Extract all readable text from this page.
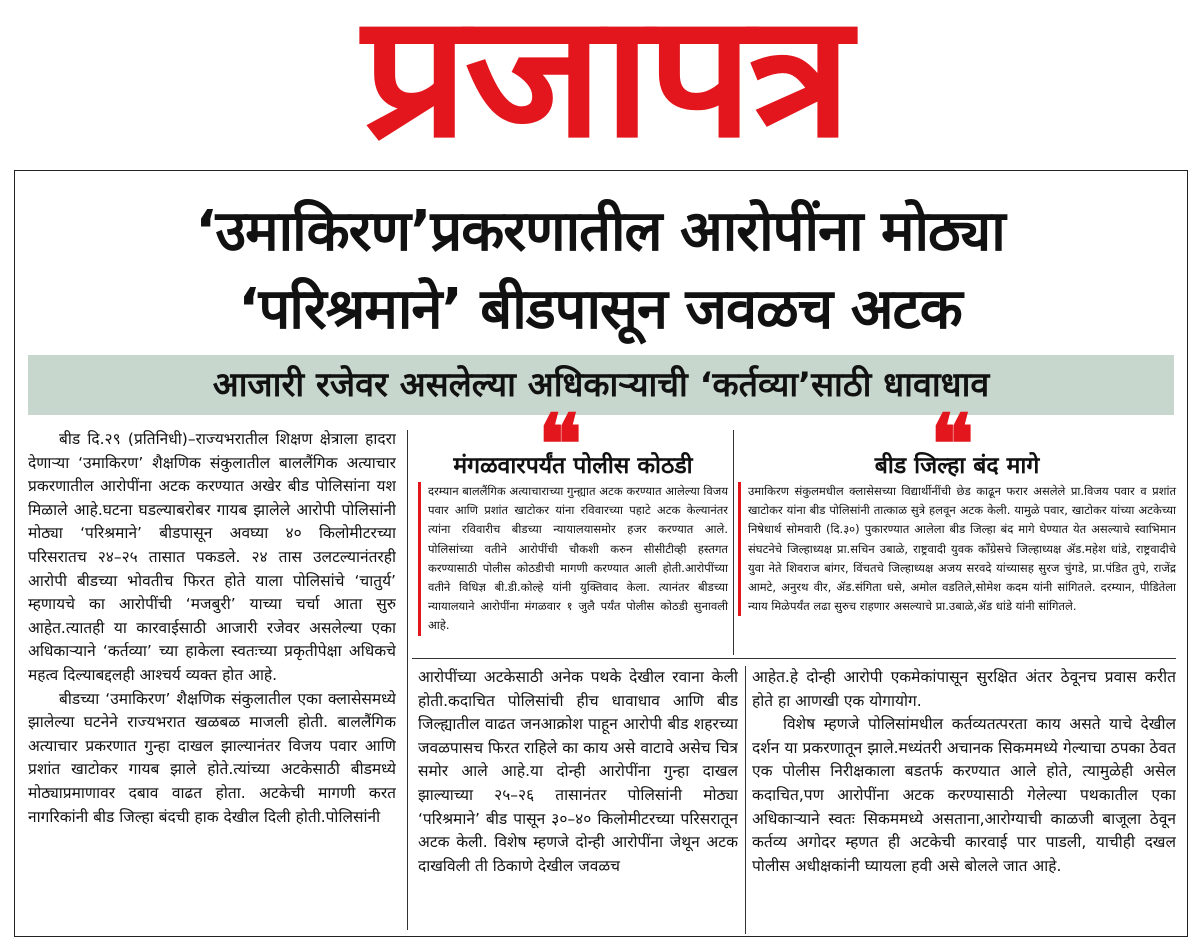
प्रजापत्र
‘उमाकिरण’प्रकरणातील आरोपींना मोठ्या
‘परिश्रमाने’ बीडपासून जवळच अटक
आजारी रजेवर असलेल्या अधिकाऱ्याची ‘कर्तव्या’साठी धावाधाव

बीड दि.२९ (प्रतिनिधी)–राज्यभरातील शिक्षण क्षेत्राला हादरा देणाऱ्या ‘उमाकिरण’ शैक्षणिक संकुलातील बाललैंगिक अत्याचार प्रकरणातील आरोपींना अटक करण्यात अखेर बीड पोलिसांना यश मिळाले आहे.घटना घडल्याबरोबर गायब झालेले आरोपी पोलिसांनी मोठ्या ‘परिश्रमाने’ बीडपासून अवघ्या ४० किलोमीटरच्या परिसरातच २४–२५ तासात पकडले. २४ तास उलटल्यानंतरही आरोपी बीडच्या भोवतीच फिरत होते याला पोलिसांचे ‘चातुर्य’ म्हणायचे का आरोपींची ‘मजबुरी’ याच्या चर्चा आता सुरु आहेत.त्यातही या कारवाईसाठी आजारी रजेवर असलेल्या एका अधिकाऱ्याने ‘कर्तव्या’ च्या हाकेला स्वतःच्या प्रकृतीपेक्षा अधिकचे महत्व दिल्याबद्दलही आश्चर्य व्यक्त होत आहे.

बीडच्या ‘उमाकिरण’ शैक्षणिक संकुलातील एका क्लासेसमध्ये झालेल्या घटनेने राज्यभरात खळबळ माजली होती. बाललैंगिक अत्याचार प्रकरणात गुन्हा दाखल झाल्यानंतर विजय पवार आणि प्रशांत खाटोकर गायब झाले होते.त्यांच्या अटकेसाठी बीडमध्ये मोठ्याप्रमाणावर दबाव वाढत होता. अटकेची मागणी करत नागरिकांनी बीड जिल्हा बंदची हाक देखील दिली होती.पोलिसांनी

❝
मंगळवारपर्यंत पोलीस कोठडी
दरम्यान बाललैंगिक अत्याचाराच्या गुन्ह्यात अटक करण्यात आलेल्या विजय पवार आणि प्रशांत खाटोकर यांना रविवारच्या पहाटे अटक केल्यानंतर त्यांना रविवारीच बीडच्या न्यायालयासमोर हजर करण्यात आले. पोलिसांच्या वतीने आरोपींची चौकशी करुन सीसीटीव्ही हस्तगत करण्यासाठी पोलीस कोठडीची मागणी करण्यात आली होती.आरोपींच्या वतीने विधिज्ञ बी.डी.कोल्हे यांनी युक्तिवाद केला. त्यानंतर बीडच्या न्यायालयाने आरोपींना मंगळवार १ जुलै पर्यंत पोलीस कोठडी सुनावली आहे.
❝
बीड जिल्हा बंद मागे
उमाकिरण संकुलमधील क्लासेसच्या विद्यार्थीनींची छेड काढून फरार असलेले प्रा.विजय पवार व प्रशांत खाटोकर यांना बीड पोलिसांनी तात्काळ सुत्रे हलवून अटक केली. यामुळे पवार, खाटोकर यांच्या अटकेच्या निषेधार्थ सोमवारी (दि.३०) पुकारण्यात आलेला बीड जिल्हा बंद मागे घेण्यात येत असल्याचे स्वाभिमान संघटनेचे जिल्हाध्यक्ष प्रा.सचिन उबाळे, राष्ट्रवादी युवक काँग्रेसचे जिल्हाध्यक्ष ॲड.महेश धांडे, राष्ट्रवादीचे युवा नेते शिवराज बांगर, विंचतचे जिल्हाध्यक्ष अजय सरवदे यांच्यासह सुरज चुंगडे, प्रा.पंडित तुपे, राजेंद्र आमटे, अनुरथ वीर, ॲड.संगिता धसे, अमोल वडतिले,सोमेश कदम यांनी सांगितले. दरम्यान, पीडितेला न्याय मिळेपर्यंत लढा सुरुच राहणार असल्याचे प्रा.उबाळे,ॲड धांडे यांनी सांगितले.

आरोपींच्या अटकेसाठी अनेक पथके देखील रवाना केली होती.कदाचित पोलिसांची हीच धावाधाव आणि बीड जिल्ह्यातील वाढत जनआक्रोश पाहून आरोपी बीड शहरच्या जवळपासच फिरत राहिले का काय असे वाटावे असेच चित्र समोर आले आहे.या दोन्ही आरोपींना गुन्हा दाखल झाल्याच्या २५–२६ तासानंतर पोलिसांनी मोठ्या ‘परिश्रमाने’ बीड पासून ३०–४० किलोमीटरच्या परिसरातून अटक केली. विशेष म्हणजे दोन्ही आरोपींना जेथून अटक दाखविली ती ठिकाणे देखील जवळच

आहेत.हे दोन्ही आरोपी एकमेकांपासून सुरक्षित अंतर ठेवूनच प्रवास करीत होते हा आणखी एक योगायोग.

विशेष म्हणजे पोलिसांमधील कर्तव्यतत्परता काय असते याचे देखील दर्शन या प्रकरणातून झाले.मध्यंतरी अचानक सिकममध्ये गेल्याचा ठपका ठेवत एक पोलीस निरीक्षकाला बडतर्फ करण्यात आले होते, त्यामुळेही असेल कदाचित,पण आरोपींना अटक करण्यासाठी गेलेल्या पथकातील एका अधिकाऱ्याने स्वतः सिकममध्ये असताना,आरोग्याची काळजी बाजूला ठेवून कर्तव्य अगोदर म्हणत ही अटकेची कारवाई पार पाडली, याचीही दखल पोलीस अधीक्षकांनी घ्यायला हवी असे बोलले जात आहे.
